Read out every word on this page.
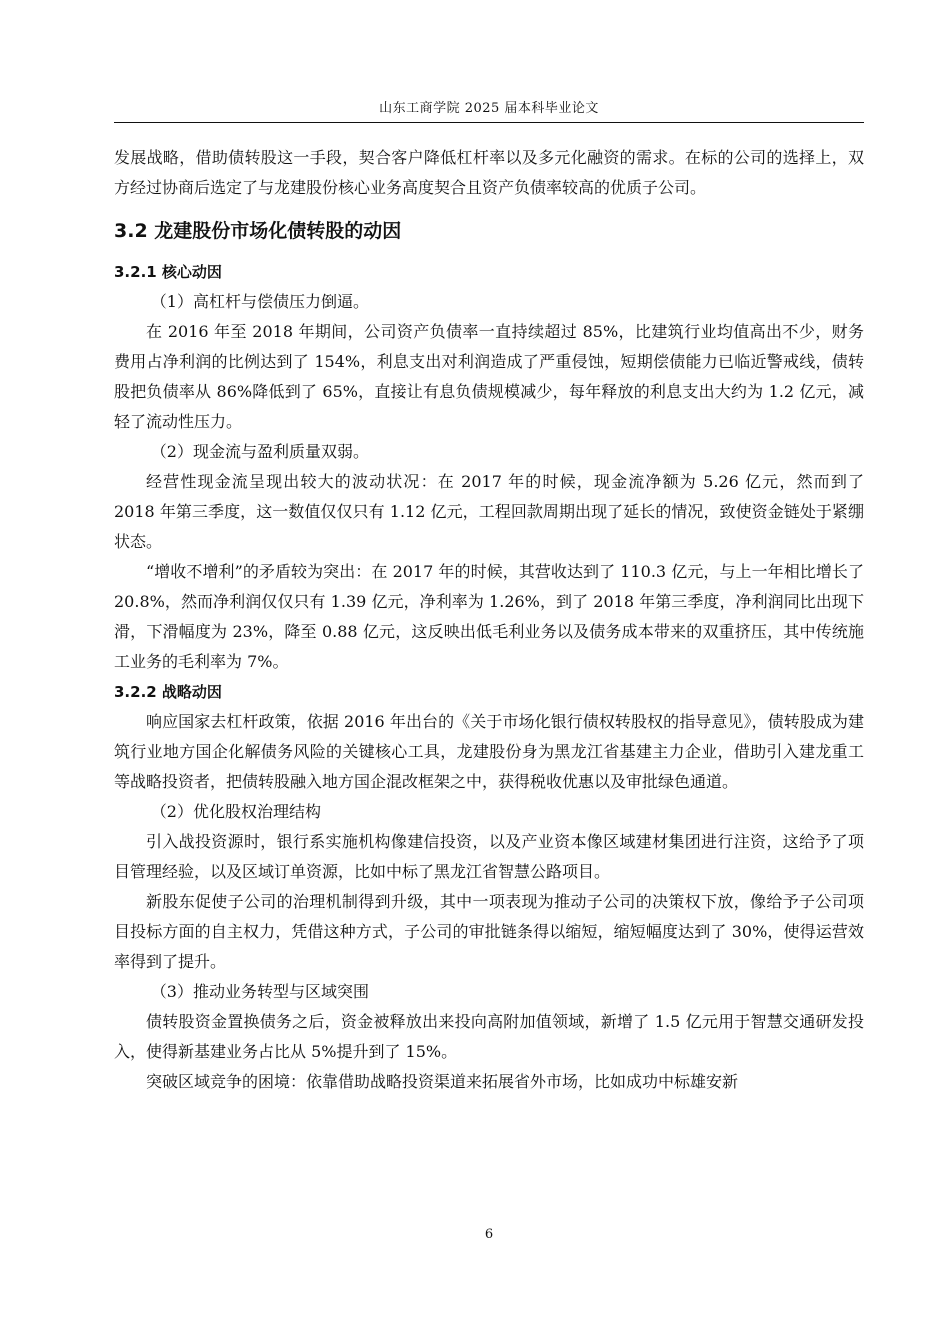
山东工商学院 2025 届本科毕业论文

发展战略，借助债转股这一手段，契合客户降低杠杆率以及多元化融资的需求。在标的公司的选择上，双方经过协商后选定了与龙建股份核心业务高度契合且资产负债率较高的优质子公司。

3.2 龙建股份市场化债转股的动因
3.2.1 核心动因

（1）高杠杆与偿债压力倒逼。

在 2016 年至 2018 年期间，公司资产负债率一直持续超过 85%，比建筑行业均值高出不少，财务费用占净利润的比例达到了 154%，利息支出对利润造成了严重侵蚀，短期偿债能力已临近警戒线，债转股把负债率从 86%降低到了 65%，直接让有息负债规模减少，每年释放的利息支出大约为 1.2 亿元，减轻了流动性压力。

（2）现金流与盈利质量双弱。

经营性现金流呈现出较大的波动状况：在 2017 年的时候，现金流净额为 5.26 亿元，然而到了 2018 年第三季度，这一数值仅仅只有 1.12 亿元，工程回款周期出现了延长的情况，致使资金链处于紧绷状态。

“增收不增利”的矛盾较为突出：在 2017 年的时候，其营收达到了 110.3 亿元，与上一年相比增长了 20.8%，然而净利润仅仅只有 1.39 亿元，净利率为 1.26%，到了 2018 年第三季度，净利润同比出现下滑，下滑幅度为 23%，降至 0.88 亿元，这反映出低毛利业务以及债务成本带来的双重挤压，其中传统施工业务的毛利率为 7%。

3.2.2 战略动因

响应国家去杠杆政策，依据 2016 年出台的《关于市场化银行债权转股权的指导意见》，债转股成为建筑行业地方国企化解债务风险的关键核心工具，龙建股份身为黑龙江省基建主力企业，借助引入建龙重工等战略投资者，把债转股融入地方国企混改框架之中，获得税收优惠以及审批绿色通道。

（2）优化股权治理结构

引入战投资源时，银行系实施机构像建信投资，以及产业资本像区域建材集团进行注资，这给予了项目管理经验，以及区域订单资源，比如中标了黑龙江省智慧公路项目。

新股东促使子公司的治理机制得到升级，其中一项表现为推动子公司的决策权下放，像给予子公司项目投标方面的自主权力，凭借这种方式，子公司的审批链条得以缩短，缩短幅度达到了 30%，使得运营效率得到了提升。

（3）推动业务转型与区域突围

债转股资金置换债务之后，资金被释放出来投向高附加值领域，新增了 1.5 亿元用于智慧交通研发投入，使得新基建业务占比从 5%提升到了 15%。

突破区域竞争的困境：依靠借助战略投资渠道来拓展省外市场，比如成功中标雄安新

6
